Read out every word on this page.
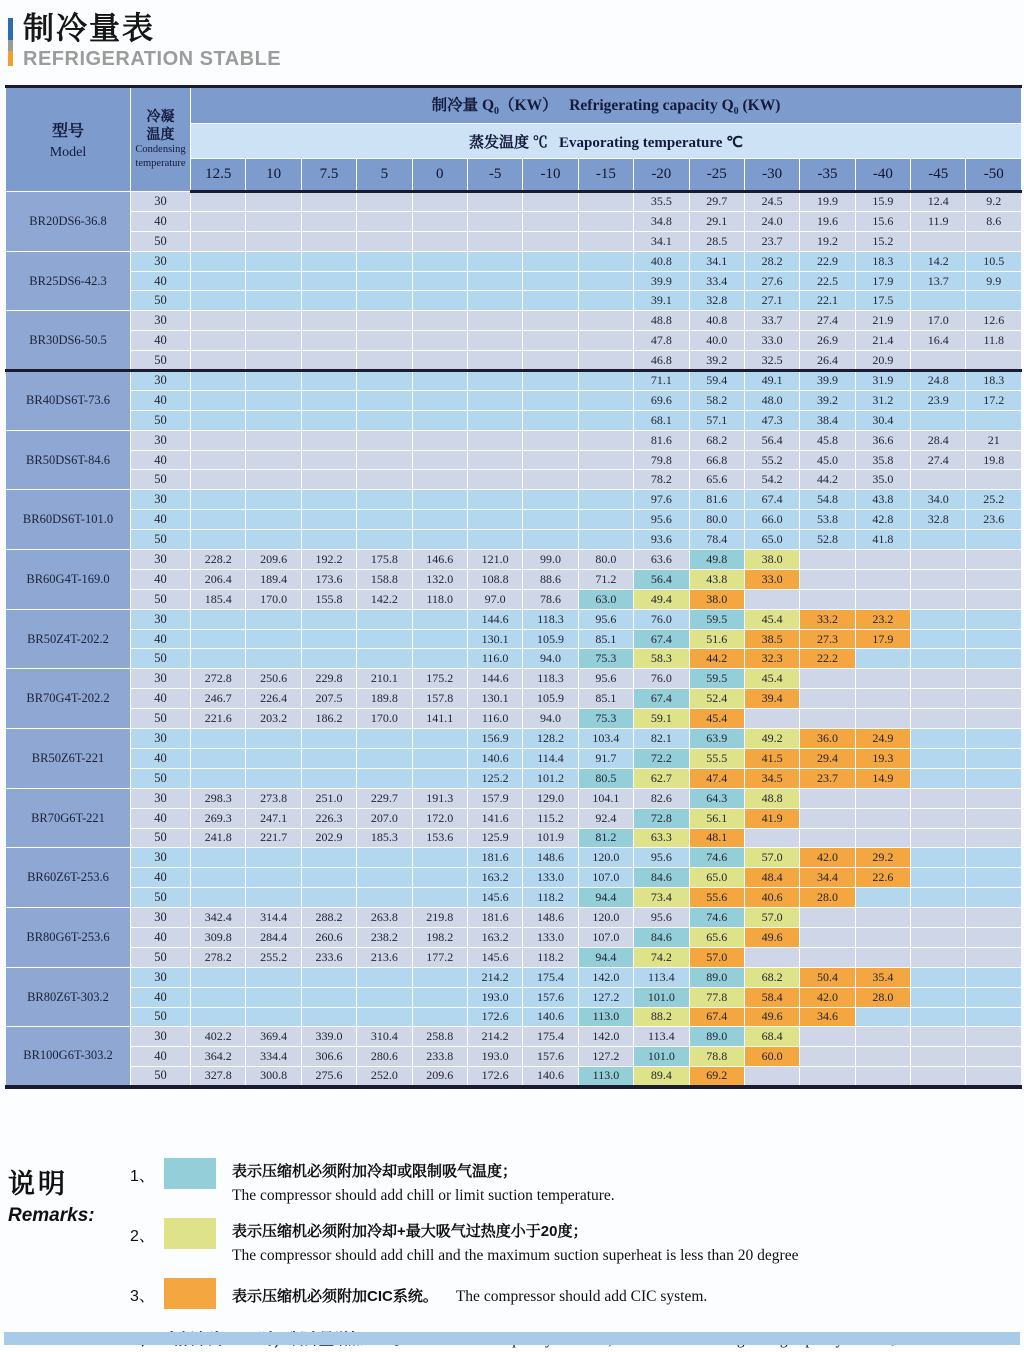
制冷量表
REFRIGERATION STABLE
型号
Model

冷凝
温度
Condensing
temperature
	制冷量 $Q_0(KW)$   Refrigerating capacity $Q_0$ (KW)
		蒸发温度 ℃   Evaporating temperature ℃														
		12.5	10	7.5	5	0	-5	-10	-15	-20	-25	-30	-35	-40	-45	-50
BR20DS6-36.8	30									35.5	29.7	24.5	19.9	15.9	12.4	9.2
	40									34.8	29.1	24.0	19.6	15.6	11.9	8.6
	50									34.1	28.5	23.7	19.2	15.2		
BR25DS6-42.3	30									40.8	34.1	28.2	22.9	18.3	14.2	10.5
	40									39.9	33.4	27.6	22.5	17.9	13.7	9.9
	50									39.1	32.8	27.1	22.1	17.5		
BR30DS6-50.5	30									48.8	40.8	33.7	27.4	21.9	17.0	12.6
	40									47.8	40.0	33.0	26.9	21.4	16.4	11.8
	50									46.8	39.2	32.5	26.4	20.9		
BR40DS6T-73.6	30									71.1	59.4	49.1	39.9	31.9	24.8	18.3
	40									69.6	58.2	48.0	39.2	31.2	23.9	17.2
	50									68.1	57.1	47.3	38.4	30.4		
BR50DS6T-84.6	30									81.6	68.2	56.4	45.8	36.6	28.4	21
	40									79.8	66.8	55.2	45.0	35.8	27.4	19.8
	50									78.2	65.6	54.2	44.2	35.0		
BR60DS6T-101.0	30									97.6	81.6	67.4	54.8	43.8	34.0	25.2
	40									95.6	80.0	66.0	53.8	42.8	32.8	23.6
	50									93.6	78.4	65.0	52.8	41.8		
BR60G4T-169.0	30	228.2	209.6	192.2	175.8	146.6	121.0	99.0	80.0	63.6	49.8	38.0				
	40	206.4	189.4	173.6	158.8	132.0	108.8	88.6	71.2	56.4	43.8	33.0				
	50	185.4	170.0	155.8	142.2	118.0	97.0	78.6	63.0	49.4	38.0					
BR50Z4T-202.2	30						144.6	118.3	95.6	76.0	59.5	45.4	33.2	23.2		
	40						130.1	105.9	85.1	67.4	51.6	38.5	27.3	17.9		
	50						116.0	94.0	75.3	58.3	44.2	32.3	22.2			
BR70G4T-202.2	30	272.8	250.6	229.8	210.1	175.2	144.6	118.3	95.6	76.0	59.5	45.4				
	40	246.7	226.4	207.5	189.8	157.8	130.1	105.9	85.1	67.4	52.4	39.4				
	50	221.6	203.2	186.2	170.0	141.1	116.0	94.0	75.3	59.1	45.4					
BR50Z6T-221	30						156.9	128.2	103.4	82.1	63.9	49.2	36.0	24.9		
	40						140.6	114.4	91.7	72.2	55.5	41.5	29.4	19.3		
	50						125.2	101.2	80.5	62.7	47.4	34.5	23.7	14.9		
BR70G6T-221	30	298.3	273.8	251.0	229.7	191.3	157.9	129.0	104.1	82.6	64.3	48.8				
	40	269.3	247.1	226.3	207.0	172.0	141.6	115.2	92.4	72.8	56.1	41.9				
	50	241.8	221.7	202.9	185.3	153.6	125.9	101.9	81.2	63.3	48.1					
BR60Z6T-253.6	30						181.6	148.6	120.0	95.6	74.6	57.0	42.0	29.2		
	40						163.2	133.0	107.0	84.6	65.0	48.4	34.4	22.6		
	50						145.6	118.2	94.4	73.4	55.6	40.6	28.0			
BR80G6T-253.6	30	342.4	314.4	288.2	263.8	219.8	181.6	148.6	120.0	95.6	74.6	57.0				
	40	309.8	284.4	260.6	238.2	198.2	163.2	133.0	107.0	84.6	65.6	49.6				
	50	278.2	255.2	233.6	213.6	177.2	145.6	118.2	94.4	74.2	57.0					
BR80Z6T-303.2	30						214.2	175.4	142.0	113.4	89.0	68.2	50.4	35.4		
	40						193.0	157.6	127.2	101.0	77.8	58.4	42.0	28.0		
	50						172.6	140.6	113.0	88.2	67.4	49.6	34.6			
BR100G6T-303.2	30	402.2	369.4	339.0	310.4	258.8	214.2	175.4	142.0	113.4	89.0	68.4				
	40	364.2	334.4	306.6	280.6	233.8	193.0	157.6	127.2	101.0	78.8	60.0				
	50	327.8	300.8	275.6	252.0	209.6	172.6	140.6	113.0	89.4	69.2					
说明
Remarks:
1、	表示压缩机必须附加冷却或限制吸气温度；
The compressor should add chill or limit suction temperature.
2、	表示压缩机必须附加冷却+最大吸气过热度小于20度；
The compressor should add chill and the maximum suction superheat is less than 20 degree
3、	表示压缩机必须附加CIC系统。 The compressor should add CIC system.
